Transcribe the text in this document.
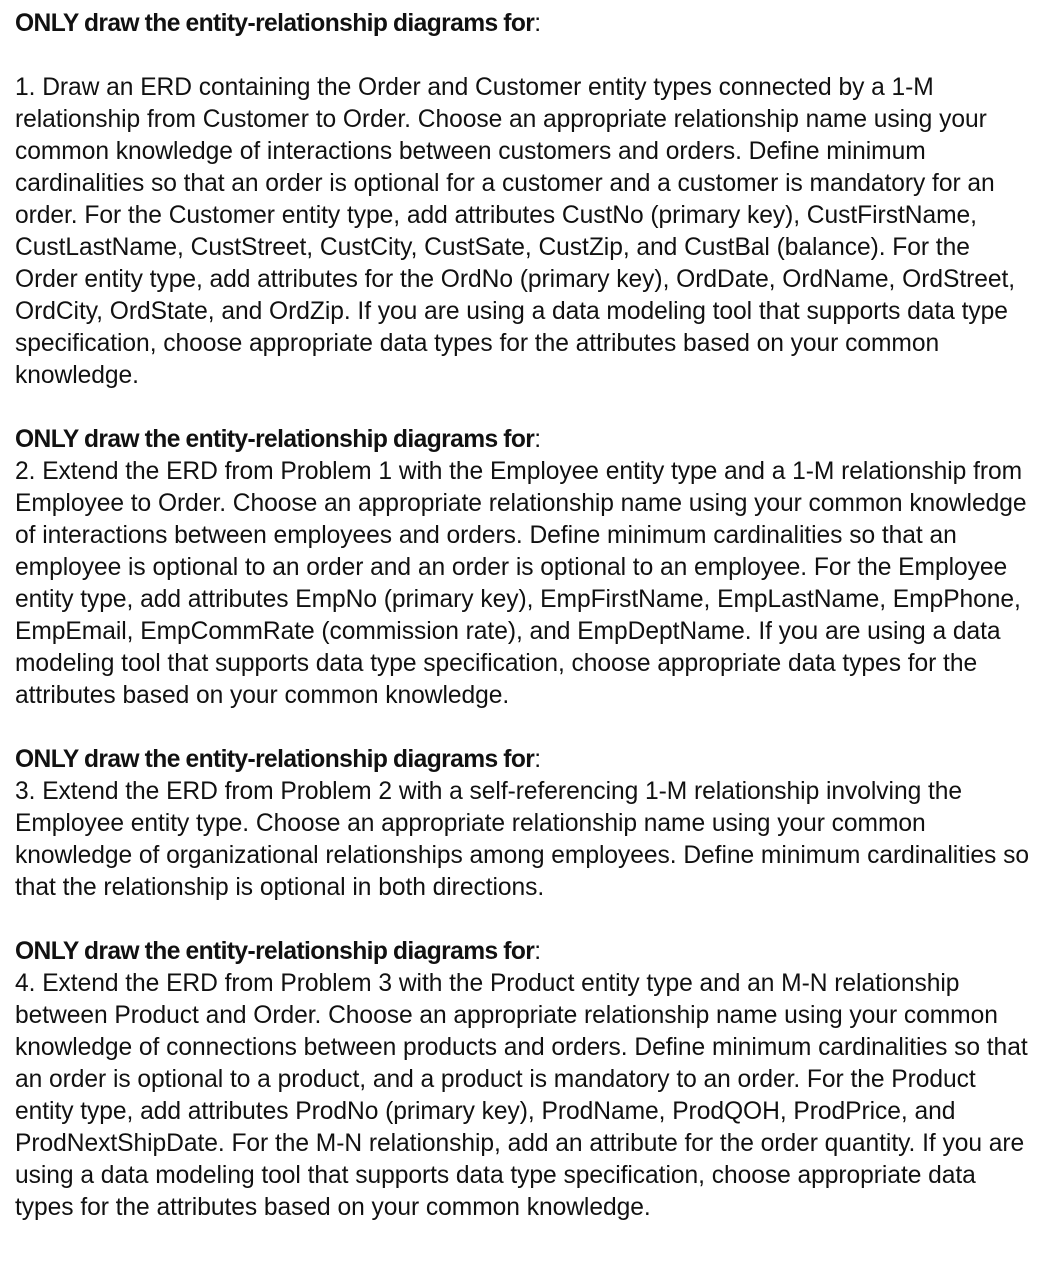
ONLY draw the entity-relationship diagrams for:

1. Draw an ERD containing the Order and Customer entity types connected by a 1-M relationship from Customer to Order. Choose an appropriate relationship name using your common knowledge of interactions between customers and orders. Define minimum cardinalities so that an order is optional for a customer and a customer is mandatory for an order. For the Customer entity type, add attributes CustNo (primary key), CustFirstName, CustLastName, CustStreet, CustCity, CustSate, CustZip, and CustBal (balance). For the Order entity type, add attributes for the OrdNo (primary key), OrdDate, OrdName, OrdStreet, OrdCity, OrdState, and OrdZip. If you are using a data modeling tool that supports data type specification, choose appropriate data types for the attributes based on your common knowledge.

ONLY draw the entity-relationship diagrams for:

2. Extend the ERD from Problem 1 with the Employee entity type and a 1-M relationship from Employee to Order. Choose an appropriate relationship name using your common knowledge of interactions between employees and orders. Define minimum cardinalities so that an employee is optional to an order and an order is optional to an employee. For the Employee entity type, add attributes EmpNo (primary key), EmpFirstName, EmpLastName, EmpPhone, EmpEmail, EmpCommRate (commission rate), and EmpDeptName. If you are using a data modeling tool that supports data type specification, choose appropriate data types for the attributes based on your common knowledge.

ONLY draw the entity-relationship diagrams for:

3. Extend the ERD from Problem 2 with a self-referencing 1-M relationship involving the Employee entity type. Choose an appropriate relationship name using your common knowledge of organizational relationships among employees. Define minimum cardinalities so that the relationship is optional in both directions.

ONLY draw the entity-relationship diagrams for:

4. Extend the ERD from Problem 3 with the Product entity type and an M-N relationship between Product and Order. Choose an appropriate relationship name using your common knowledge of connections between products and orders. Define minimum cardinalities so that an order is optional to a product, and a product is mandatory to an order. For the Product entity type, add attributes ProdNo (primary key), ProdName, ProdQOH, ProdPrice, and ProdNextShipDate. For the M-N relationship, add an attribute for the order quantity. If you are using a data modeling tool that supports data type specification, choose appropriate data types for the attributes based on your common knowledge.
